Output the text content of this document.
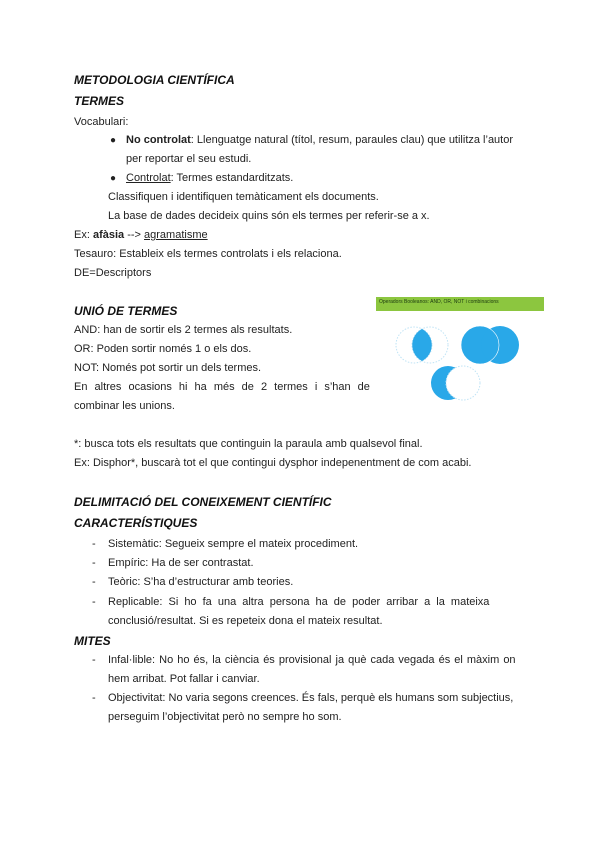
METODOLOGIA CIENTÍFICA
TERMES
Vocabulari:
● No controlat: Llenguatge natural (títol, resum, paraules clau) que utilitza l’autor
per reportar el seu estudi.
● Controlat: Termes estandarditzats.
Classifiquen i identifiquen temàticament els documents.
La base de dades decideix quins són els termes per referir-se a x.
Ex: afàsia --> agramatisme
Tesauro: Estableix els termes controlats i els relaciona.
DE=Descriptors
UNIÓ DE TERMES
AND: han de sortir els 2 termes als resultats.
OR: Poden sortir només 1 o els dos.
NOT: Només pot sortir un dels termes.
En altres ocasions hi ha més de 2 termes i s’han de
combinar les unions.
Operadors Booleanos: AND, OR, NOT i combinacions
*: busca tots els resultats que continguin la paraula amb qualsevol final.
Ex: Disphor*, buscarà tot el que contingui dysphor indepenentment de com acabi.
DELIMITACIÓ DEL CONEIXEMENT CIENTÍFIC
CARACTERÍSTIQUES
- Sistemàtic: Segueix sempre el mateix procediment.
- Empíric: Ha de ser contrastat.
- Teòric: S’ha d’estructurar amb teories.
- Replicable: Si ho fa una altra persona ha de poder arribar a la mateixa
conclusió/resultat. Si es repeteix dona el mateix resultat.
MITES
- Infal·lible: No ho és, la ciència és provisional ja què cada vegada és el màxim on
hem arribat. Pot fallar i canviar.
- Objectivitat: No varia segons creences. És fals, perquè els humans som subjectius,
perseguim l’objectivitat però no sempre ho som.
